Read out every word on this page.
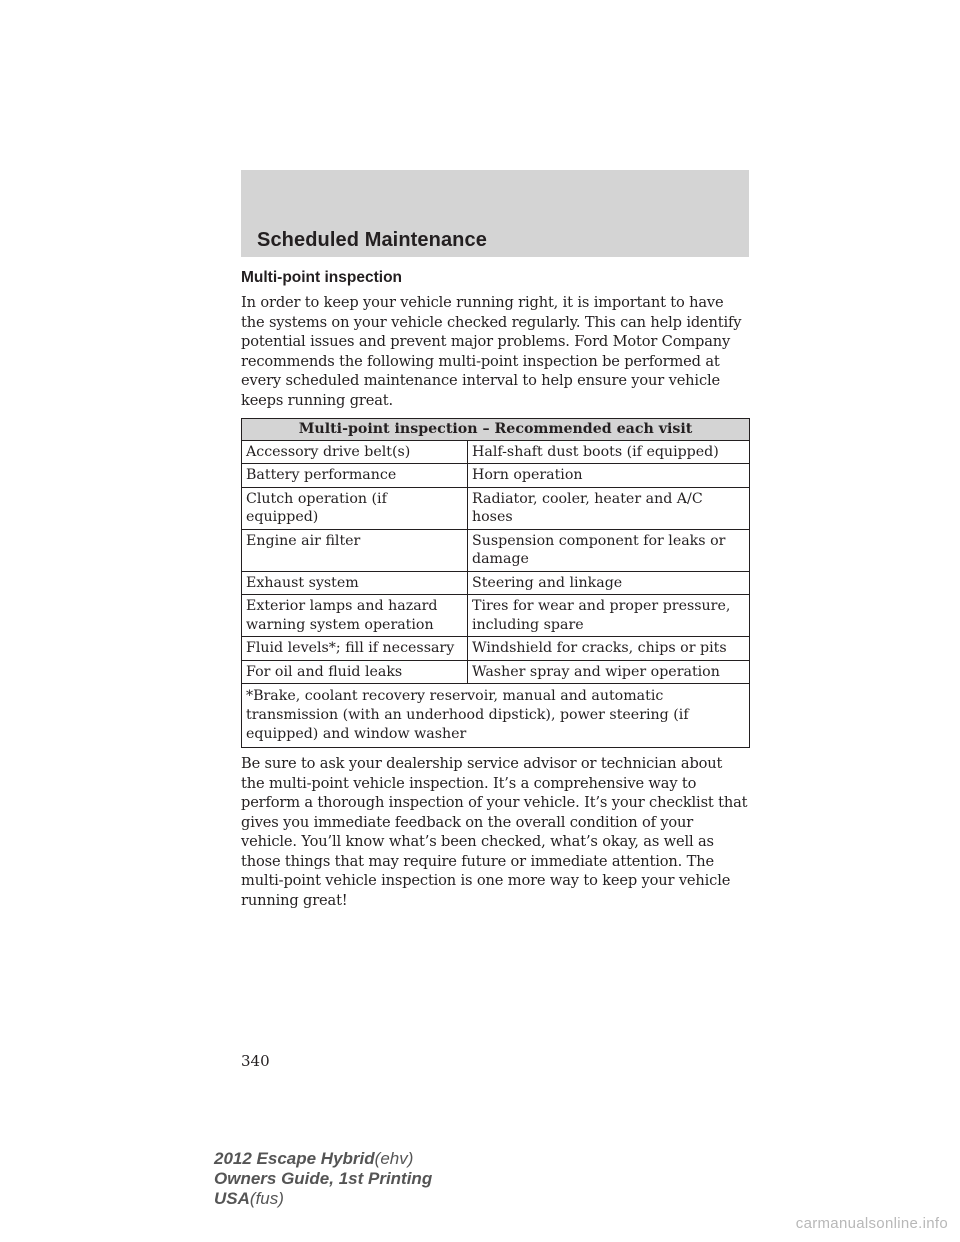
Scheduled Maintenance
Multi-point inspection

In order to keep your vehicle running right, it is important to have the systems on your vehicle checked regularly. This can help identify potential issues and prevent major problems. Ford Motor Company recommends the following multi-point inspection be performed at every scheduled maintenance interval to help ensure your vehicle keeps running great.

Multi-point inspection – Recommended each visit	
Accessory drive belt(s)	Half-shaft dust boots (if equipped)
Battery performance	Horn operation
Clutch operation (if equipped)	Radiator, cooler, heater and A/C hoses
Engine air filter	Suspension component for leaks or damage
Exhaust system	Steering and linkage
Exterior lamps and hazard warning system operation	Tires for wear and proper pressure, including spare
Fluid levels*; fill if necessary	Windshield for cracks, chips or pits
For oil and fluid leaks	Washer spray and wiper operation
*Brake, coolant recovery reservoir, manual and automatic transmission (with an underhood dipstick), power steering (if equipped) and window washer	

Be sure to ask your dealership service advisor or technician about the multi-point vehicle inspection. It’s a comprehensive way to perform a thorough inspection of your vehicle. It’s your checklist that gives you immediate feedback on the overall condition of your vehicle. You’ll know what’s been checked, what’s okay, as well as those things that may require future or immediate attention. The multi-point vehicle inspection is one more way to keep your vehicle running great!

340

2012 Escape Hybrid(ehv)
Owners Guide, 1st Printing
USA(fus)
carmanualsonline.info
